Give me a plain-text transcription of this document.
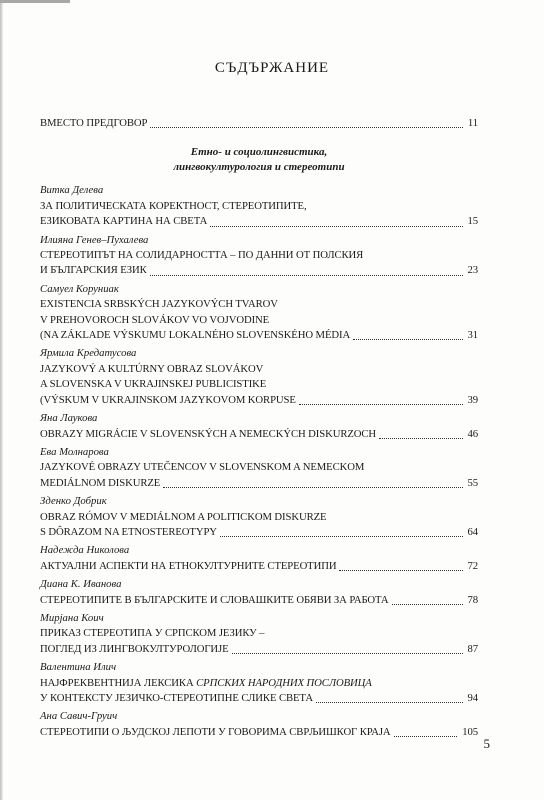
СЪДЪРЖАНИЕ
ВМЕСТО ПРЕДГОВОР	11
Етно- и социолингвистика,
лингвокултурология и стереотипи
Витка Делева
ЗА ПОЛИТИЧЕСКАТА КОРЕКТНОСТ, СТЕРЕОТИПИТЕ,
ЕЗИКОВАТА КАРТИНА НА СВЕТА	15
Илияна Генев–Пухалева
СТЕРЕОТИПЪТ НА СОЛИДАРНОСТТА – ПО ДАННИ ОТ ПОЛСКИЯ
И БЪЛГАРСКИЯ ЕЗИК	23
Самуел Коруниак
EXISTENCIA SRBSKÝCH JAZYKOVÝCH TVAROV
V PREHOVOROCH SLOVÁKOV VO VOJVODINE
(NA ZÁKLADE VÝSKUMU LOKALNÉHO SLOVENSKÉHO MÉDIA	31
Ярмила Кредатусова
JAZYKOVÝ A KULTÚRNY OBRAZ SLOVÁKOV
A SLOVENSKA V UKRAJINSKEJ PUBLICISTIKE
(VÝSKUM V UKRAJINSKOM JAZYKOVOM KORPUSE	39
Яна Лаукова
OBRAZY MIGRÁCIE V SLOVENSKÝCH A NEMECKÝCH DISKURZOCH	46
Ева Молнарова
JAZYKOVÉ OBRAZY UTEČENCOV V SLOVENSKOM A NEMECKOM
MEDIÁLNOM DISKURZE	55
Зденко Добрик
OBRAZ RÓMOV V MEDIÁLNOM A POLITICKOM DISKURZE
S DÔRAZOM NA ETNOSTEREOTYPY	64
Надежда Николова
АКТУАЛНИ АСПЕКТИ НА ЕТНОКУЛТУРНИТЕ СТЕРЕОТИПИ	72
Диана К. Иванова
СТЕРЕОТИПИТЕ В БЪЛГАРСКИТЕ И СЛОВАШКИТЕ ОБЯВИ ЗА РАБОТА	78
Мирјана Коич
ПРИКАЗ СТЕРЕОТИПА У СРПСКОМ ЈЕЗИКУ –
ПОГЛЕД ИЗ ЛИНГВОКУЛТУРОЛОГИЈЕ	87
Валентина Илич
НАЈФРЕКВЕНТНИЈА ЛЕКСИКА СРПСКИХ НАРОДНИХ ПОСЛОВИЦА
У КОНТЕКСТУ ЈЕЗИЧКО-СТЕРЕОТИПНЕ СЛИКЕ СВЕТА	94
Ана Савич-Груич
СТЕРЕОТИПИ О ЉУДСКОЈ ЛЕПОТИ У ГОВОРИМА СВРЉИШКОГ КРАЈА	105
5
